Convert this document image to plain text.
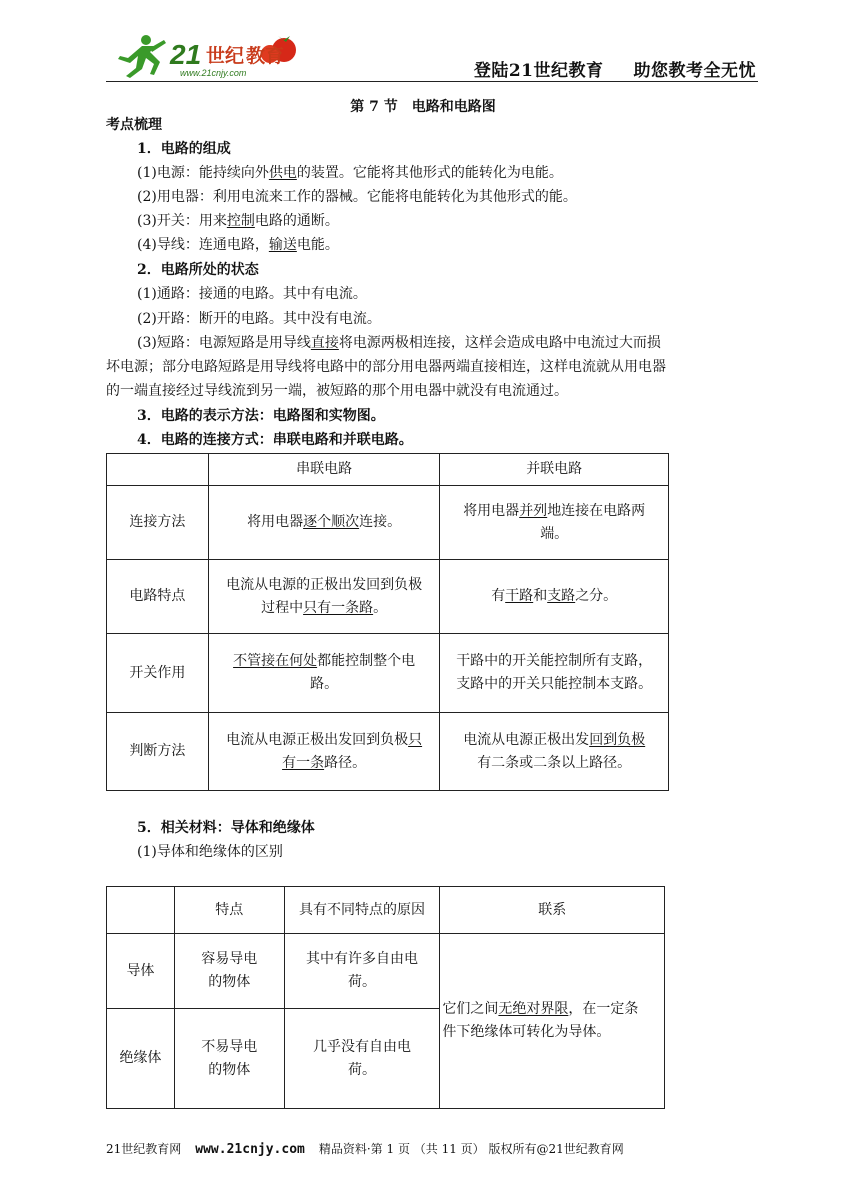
21 世纪 教育
www.21cnjy.com	登陆21世纪教育 助您教考全无忧
第 7 节 电路和电路图
考点梳理
1．电路的组成
(1)电源：能持续向外供电的装置。它能将其他形式的能转化为电能。
(2)用电器：利用电流来工作的器械。它能将电能转化为其他形式的能。
(3)开关：用来控制电路的通断。
(4)导线：连通电路，输送电能。
2．电路所处的状态
(1)通路：接通的电路。其中有电流。
(2)开路：断开的电路。其中没有电流。
(3)短路：电源短路是用导线直接将电源两极相连接，这样会造成电路中电流过大而损
坏电源；部分电路短路是用导线将电路中的部分用电器两端直接相连，这样电流就从用电器
的一端直接经过导线流到另一端，被短路的那个用电器中就没有电流通过。
3．电路的表示方法：电路图和实物图。
4．电路的连接方式：串联电路和并联电路。
	串联电路	并联电路
连接方法	将用电器逐个顺次连接。	将用电器并列地连接在电路两
端。
电路特点	电流从电源的正极出发回到负极
过程中只有一条路。	有干路和支路之分。
开关作用	不管接在何处都能控制整个电
路。	干路中的开关能控制所有支路，
支路中的开关只能控制本支路。
判断方法	电流从电源正极出发回到负极只
有一条路径。	电流从电源正极出发回到负极
有二条或二条以上路径。
5．相关材料：导体和绝缘体
(1)导体和绝缘体的区别
	特点	具有不同特点的原因	联系
导体	容易导电
的物体	其中有许多自由电
荷。	它们之间无绝对界限，在一定条
件下绝缘体可转化为导体。
绝缘体	不易导电
的物体	几乎没有自由电
荷。	
21世纪教育网 www.21cnjy.com 精品资料·第 1 页 （共 11 页） 版权所有@21世纪教育网
